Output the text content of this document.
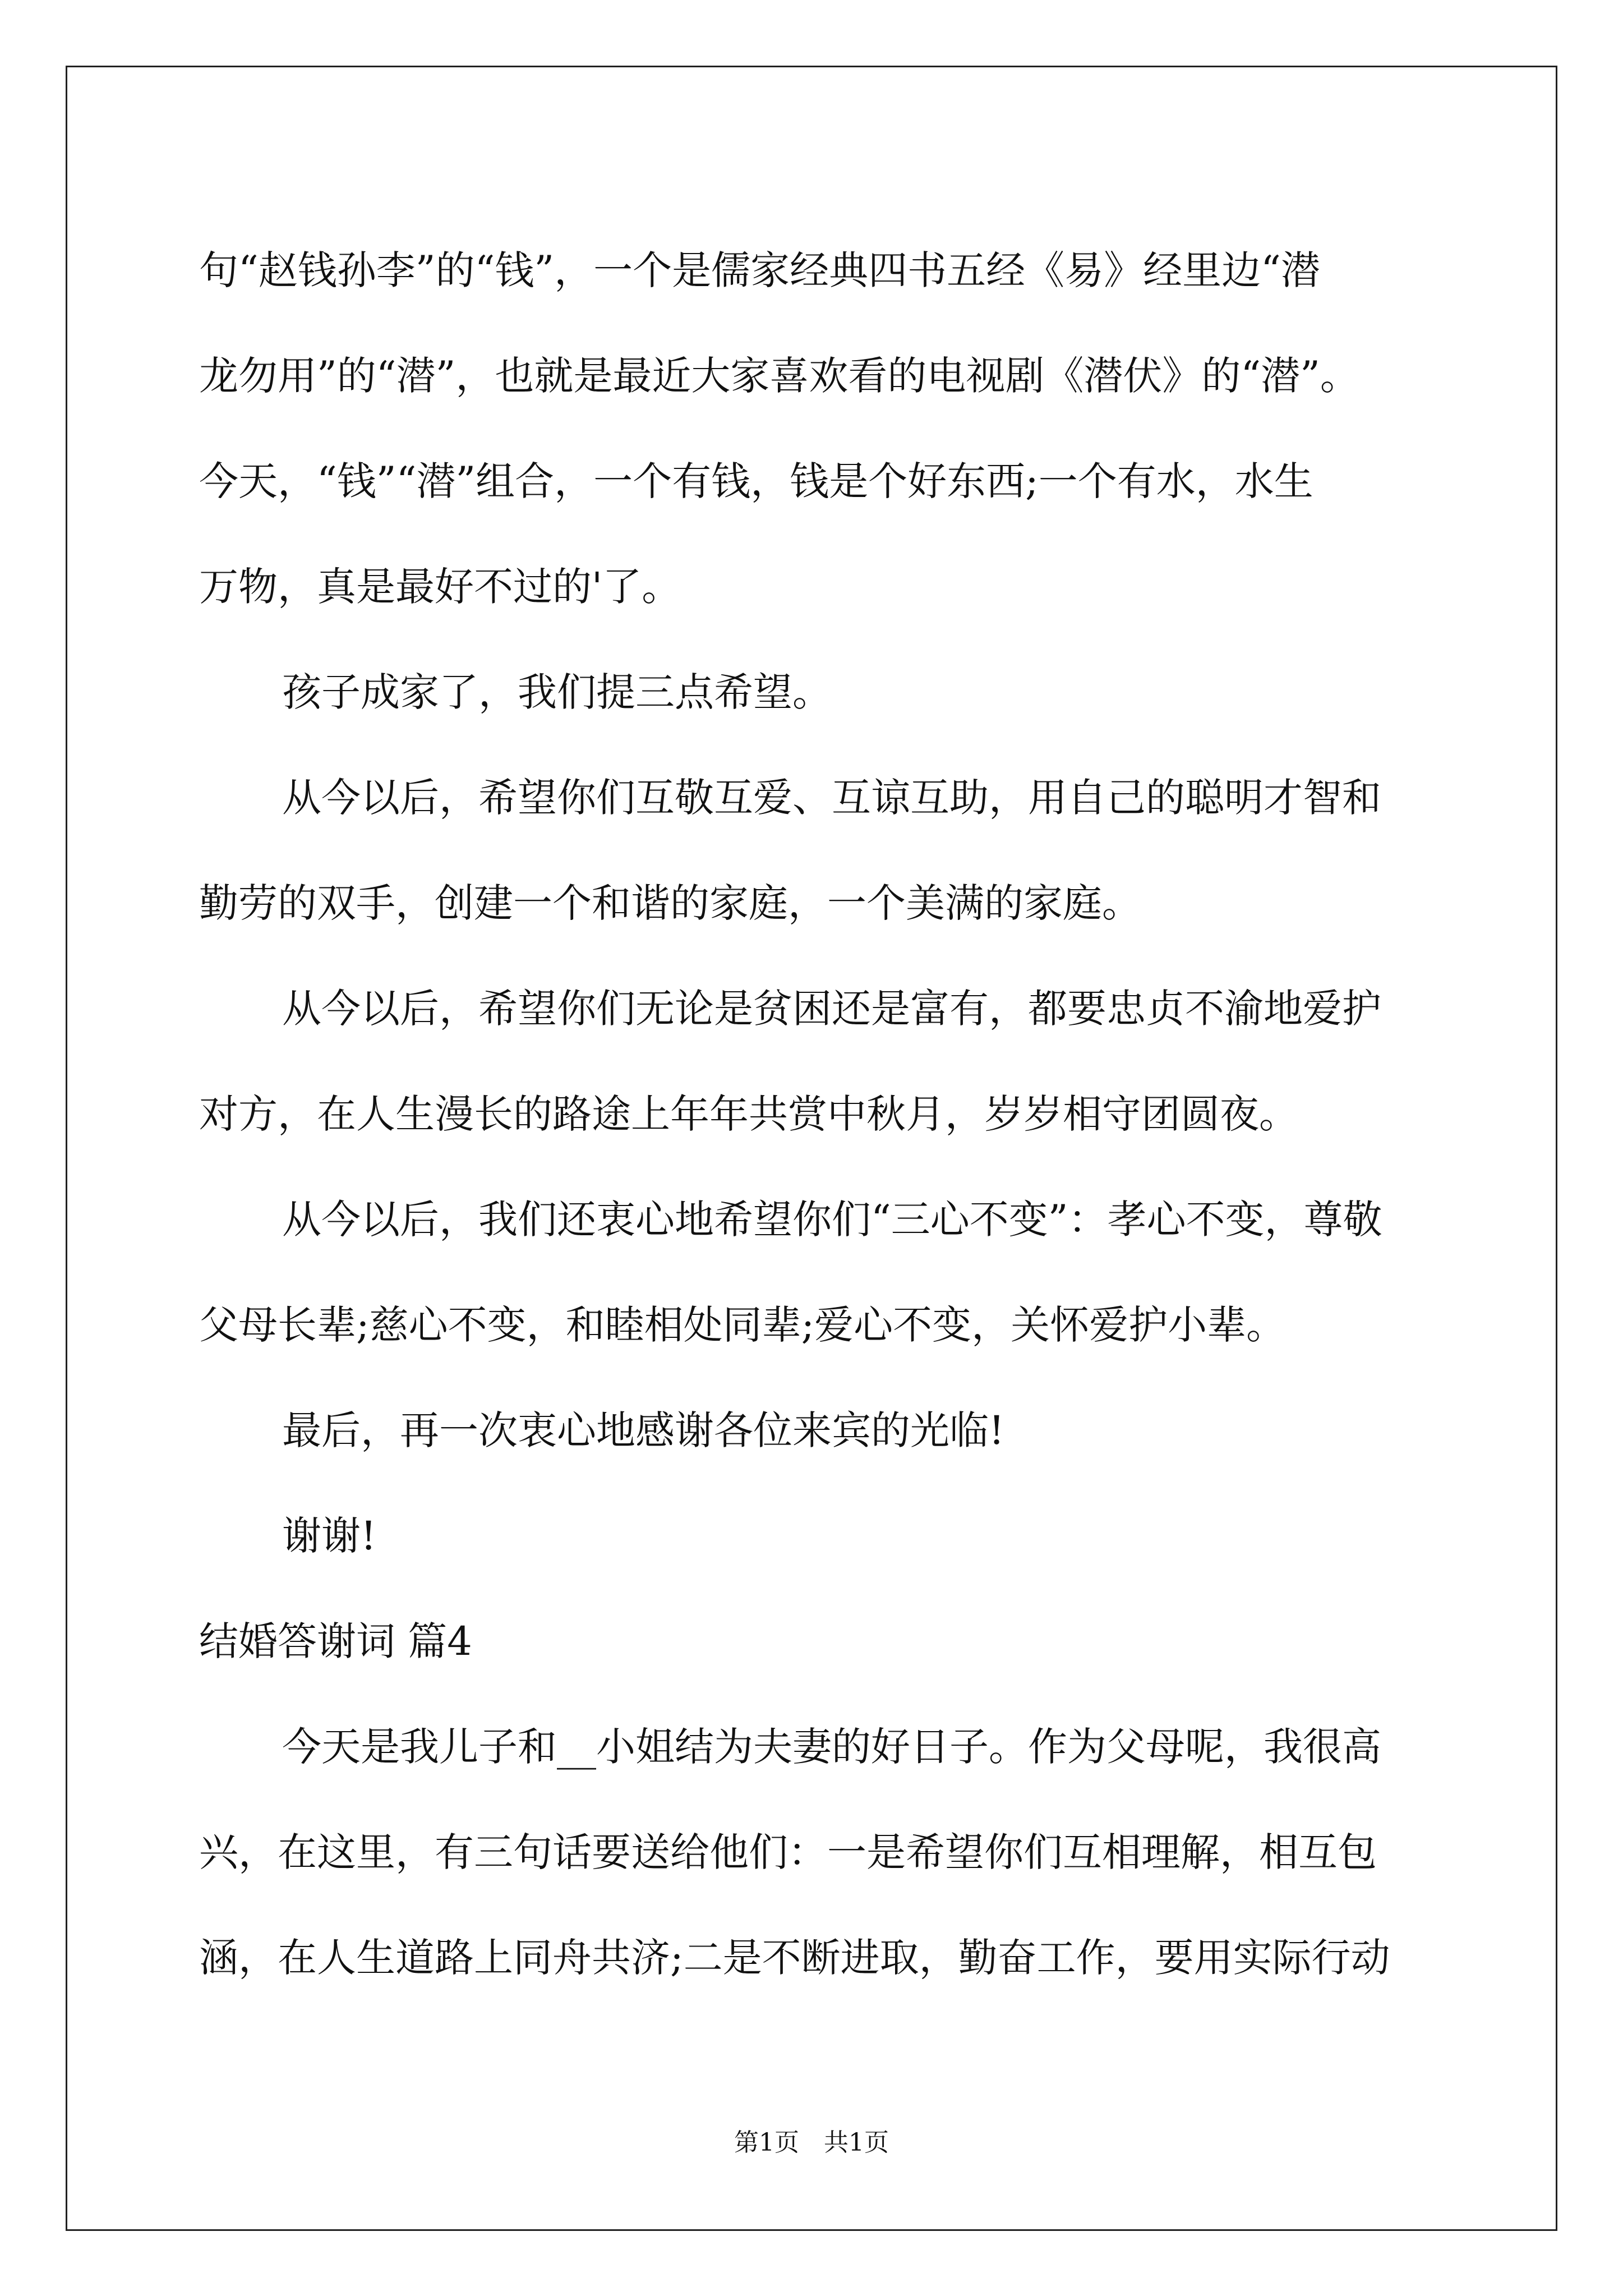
句“赵钱孙李”的“钱”，一个是儒家经典四书五经《易》经里边“潜
龙勿用”的“潜”，也就是最近大家喜欢看的电视剧《潜伏》的“潜”。
今天，“钱”“潜”组合，一个有钱，钱是个好东西;一个有水，水生
万物，真是最好不过的'了。
孩子成家了，我们提三点希望。
从今以后，希望你们互敬互爱、互谅互助，用自己的聪明才智和
勤劳的双手，创建一个和谐的家庭，一个美满的家庭。
从今以后，希望你们无论是贫困还是富有，都要忠贞不渝地爱护
对方，在人生漫长的路途上年年共赏中秋月，岁岁相守团圆夜。
从今以后，我们还衷心地希望你们“三心不变”：孝心不变，尊敬
父母长辈;慈心不变，和睦相处同辈;爱心不变，关怀爱护小辈。
最后，再一次衷心地感谢各位来宾的光临!
谢谢!
结婚答谢词 篇4
今天是我儿子和__小姐结为夫妻的好日子。作为父母呢，我很高
兴，在这里，有三句话要送给他们：一是希望你们互相理解，相互包
涵，在人生道路上同舟共济;二是不断进取，勤奋工作，要用实际行动
第1页　共1页
